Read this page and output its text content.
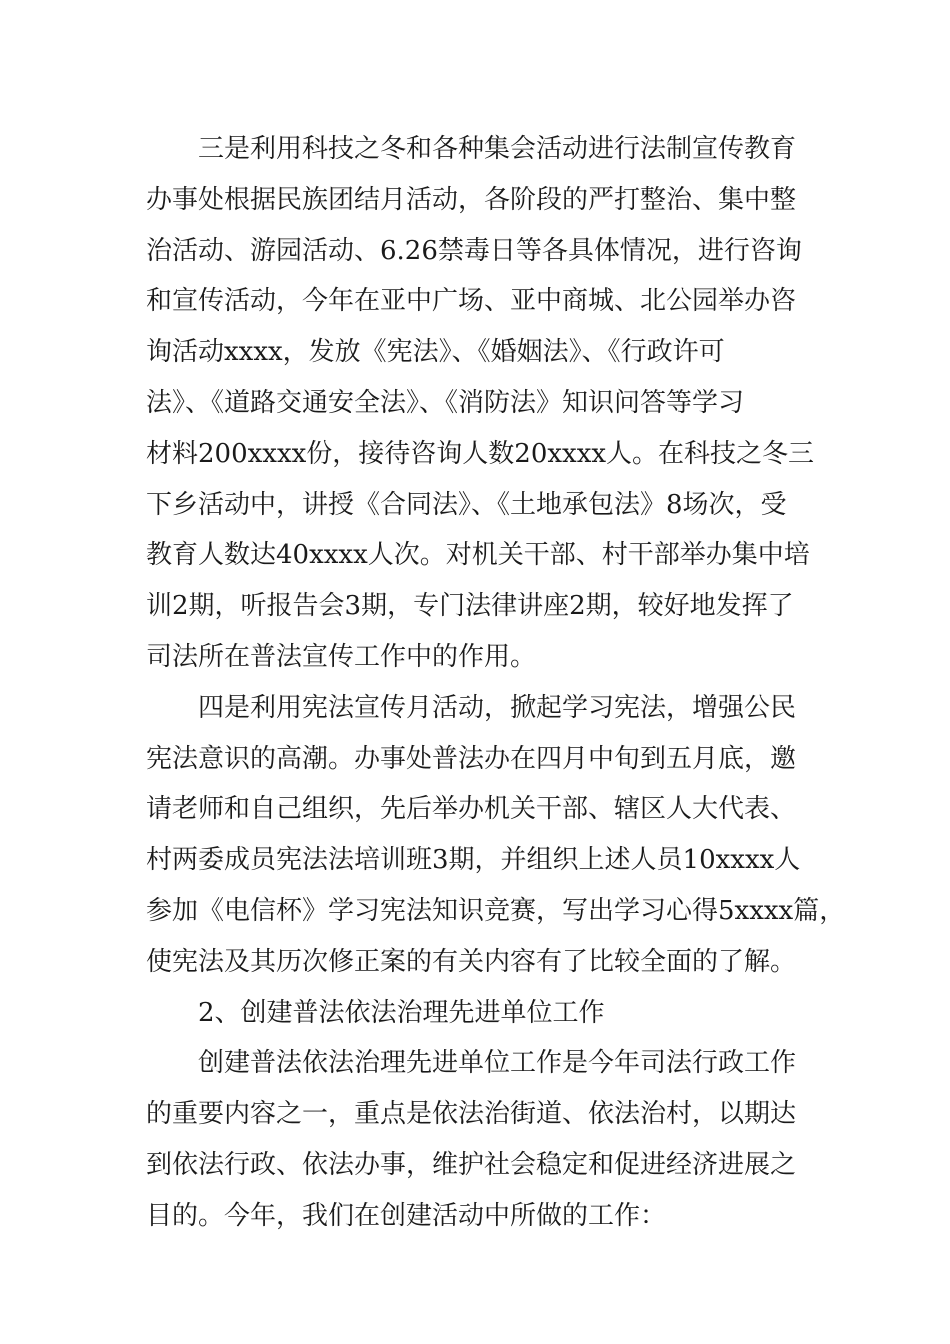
三是利用科技之冬和各种集会活动进行法制宣传教育
办事处根据民族团结月活动，各阶段的严打整治、集中整
治活动、游园活动、6.26禁毒日等各具体情况，进行咨询
和宣传活动，今年在亚中广场、亚中商城、北公园举办咨
询活动xxxx，发放《宪法》、《婚姻法》、《行政许可
法》、《道路交通安全法》、《消防法》知识问答等学习
材料200xxxx份，接待咨询人数20xxxx人。在科技之冬三
下乡活动中，讲授《合同法》、《土地承包法》8场次，受
教育人数达40xxxx人次。对机关干部、村干部举办集中培
训2期，听报告会3期，专门法律讲座2期，较好地发挥了
司法所在普法宣传工作中的作用。
四是利用宪法宣传月活动，掀起学习宪法，增强公民
宪法意识的高潮。办事处普法办在四月中旬到五月底，邀
请老师和自己组织，先后举办机关干部、辖区人大代表、
村两委成员宪法法培训班3期，并组织上述人员10xxxx人
参加《电信杯》学习宪法知识竞赛，写出学习心得5xxxx篇，
使宪法及其历次修正案的有关内容有了比较全面的了解。
2、创建普法依法治理先进单位工作
创建普法依法治理先进单位工作是今年司法行政工作
的重要内容之一，重点是依法治街道、依法治村，以期达
到依法行政、依法办事，维护社会稳定和促进经济进展之
目的。今年，我们在创建活动中所做的工作：
